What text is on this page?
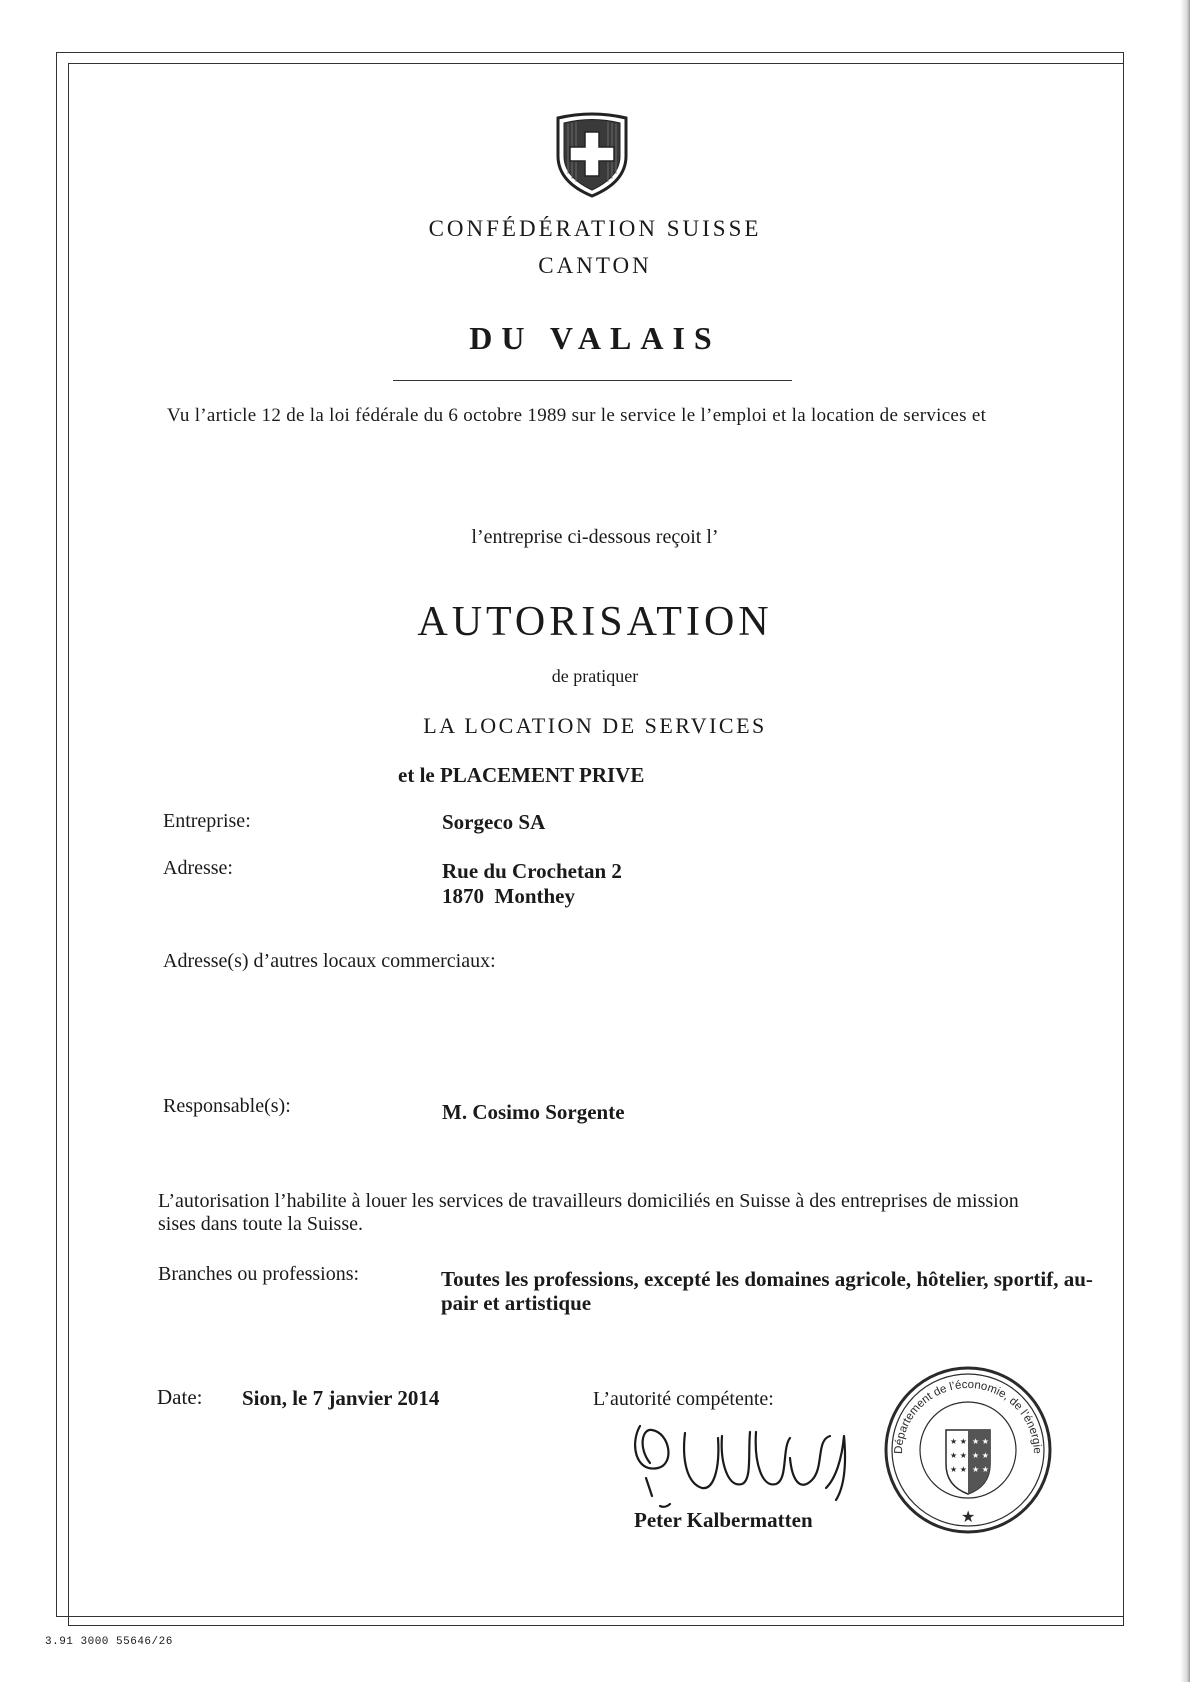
CONFÉDÉRATION SUISSE
CANTON
DU VALAIS
Vu l’article 12 de la loi fédérale du 6 octobre 1989 sur le service le l’emploi et la location de services et
l’entreprise ci-dessous reçoit l’
AUTORISATION
de pratiquer
LA LOCATION DE SERVICES
et le PLACEMENT PRIVE
Entreprise:	Sorgeco SA
Adresse:	Rue du Crochetan 2
1870  Monthey
Adresse(s) d’autres locaux commerciaux:
Responsable(s):	M. Cosimo Sorgente
L’autorisation l’habilite à louer les services de travailleurs domiciliés en Suisse à des entreprises de mission sises dans toute la Suisse.
Branches ou professions:	Toutes les professions, excepté les domaines agricole, hôtelier, sportif, au-pair et artistique
Date: Sion, le 7 janvier 2014	L’autorité compétente:
Peter Kalbermatten
Département de l’économie, de l’énergie
★ ★
★ ★
★ ★
★ ★
★ ★
★ ★
★
3.91 3000 55646/26
